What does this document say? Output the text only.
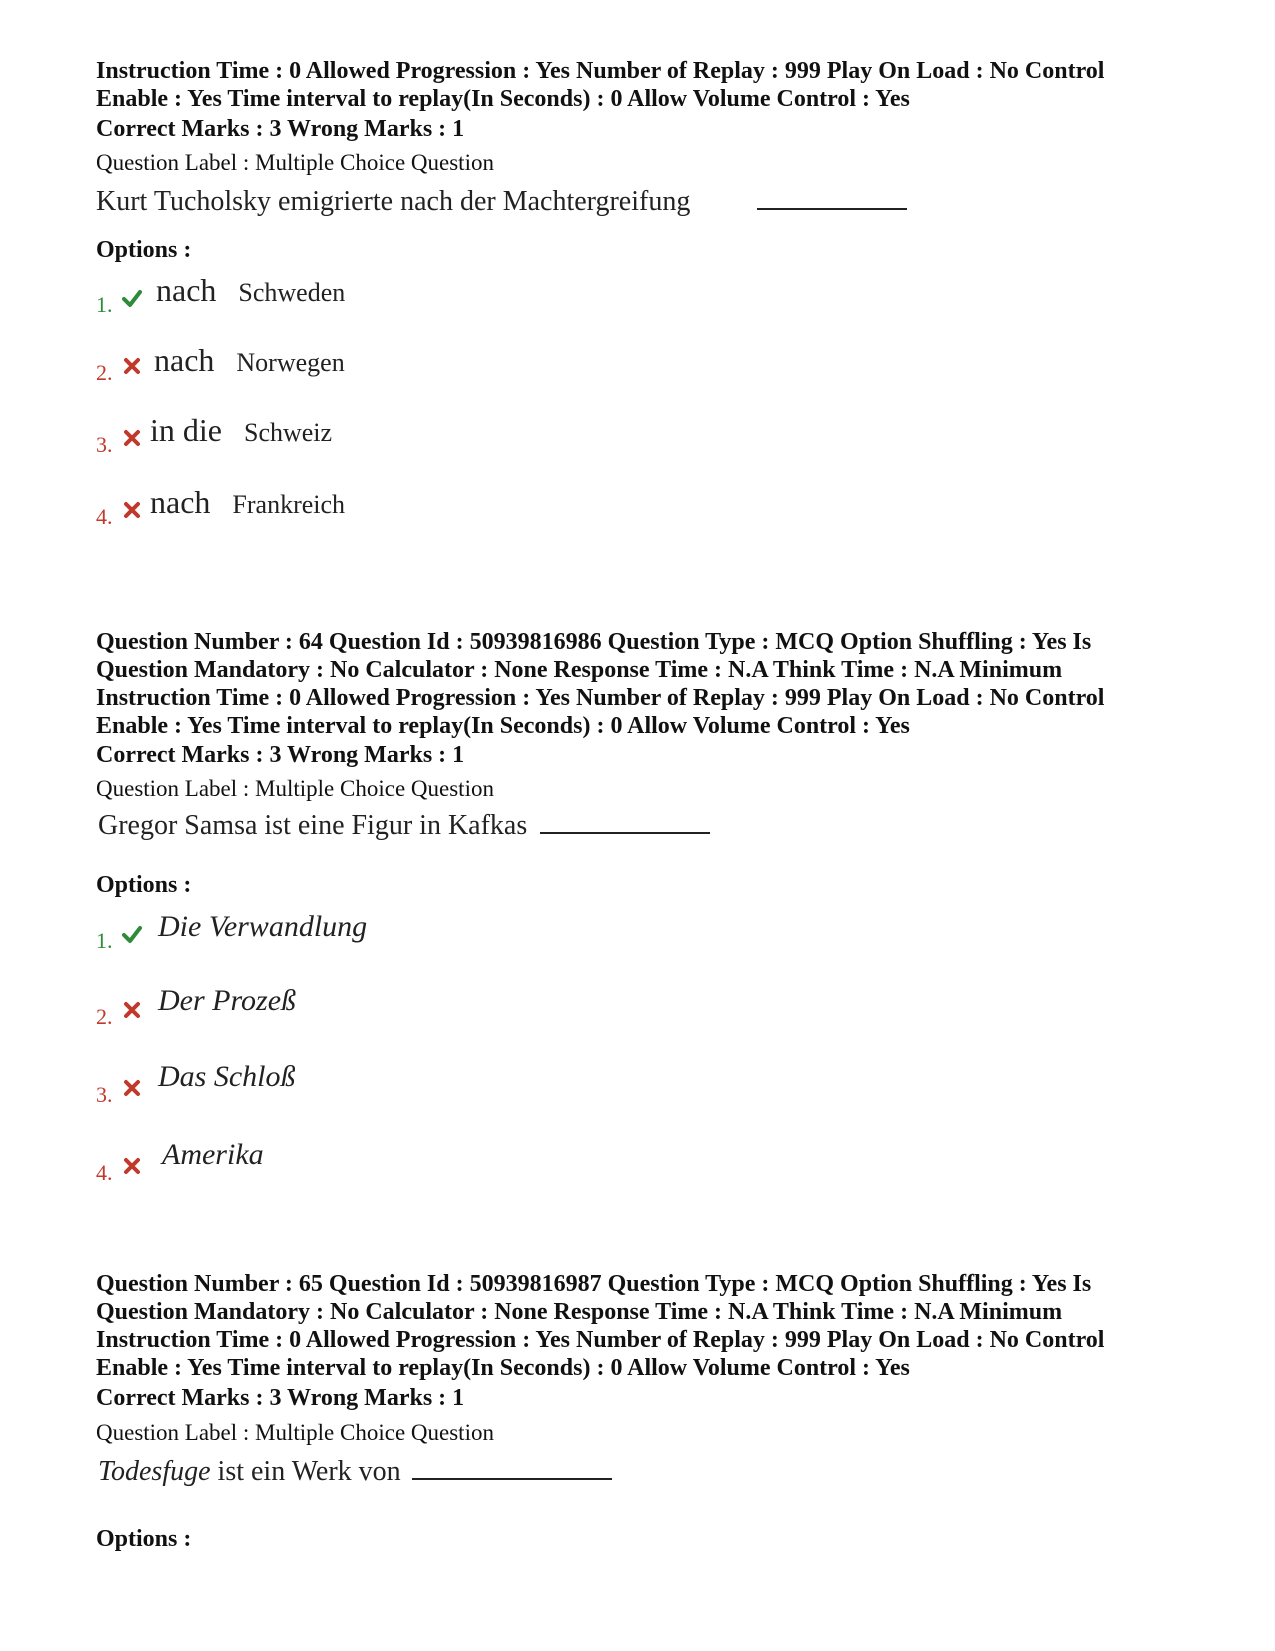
Instruction Time : 0 Allowed Progression : Yes Number of Replay : 999 Play On Load : No Control
Enable : Yes Time interval to replay(In Seconds) : 0 Allow Volume Control : Yes
Correct Marks : 3 Wrong Marks : 1
Question Label : Multiple Choice Question
Kurt Tucholsky emigrierte nach der Machtergreifung
Options :
1. nach Schweden
2. nach Norwegen
3. in die Schweiz
4. nach Frankreich
Question Number : 64 Question Id : 50939816986 Question Type : MCQ Option Shuffling : Yes Is
Question Mandatory : No Calculator : None Response Time : N.A Think Time : N.A Minimum
Instruction Time : 0 Allowed Progression : Yes Number of Replay : 999 Play On Load : No Control
Enable : Yes Time interval to replay(In Seconds) : 0 Allow Volume Control : Yes
Correct Marks : 3 Wrong Marks : 1
Question Label : Multiple Choice Question
Gregor Samsa ist eine Figur in Kafkas
Options :
1. Die Verwandlung
2. Der Prozeß
3.
Das Schloß
4.
Amerika
Question Number : 65 Question Id : 50939816987 Question Type : MCQ Option Shuffling : Yes Is
Question Mandatory : No Calculator : None Response Time : N.A Think Time : N.A Minimum
Instruction Time : 0 Allowed Progression : Yes Number of Replay : 999 Play On Load : No Control
Enable : Yes Time interval to replay(In Seconds) : 0 Allow Volume Control : Yes
Correct Marks : 3 Wrong Marks : 1
Question Label : Multiple Choice Question
Todesfuge ist ein Werk von
Options :
